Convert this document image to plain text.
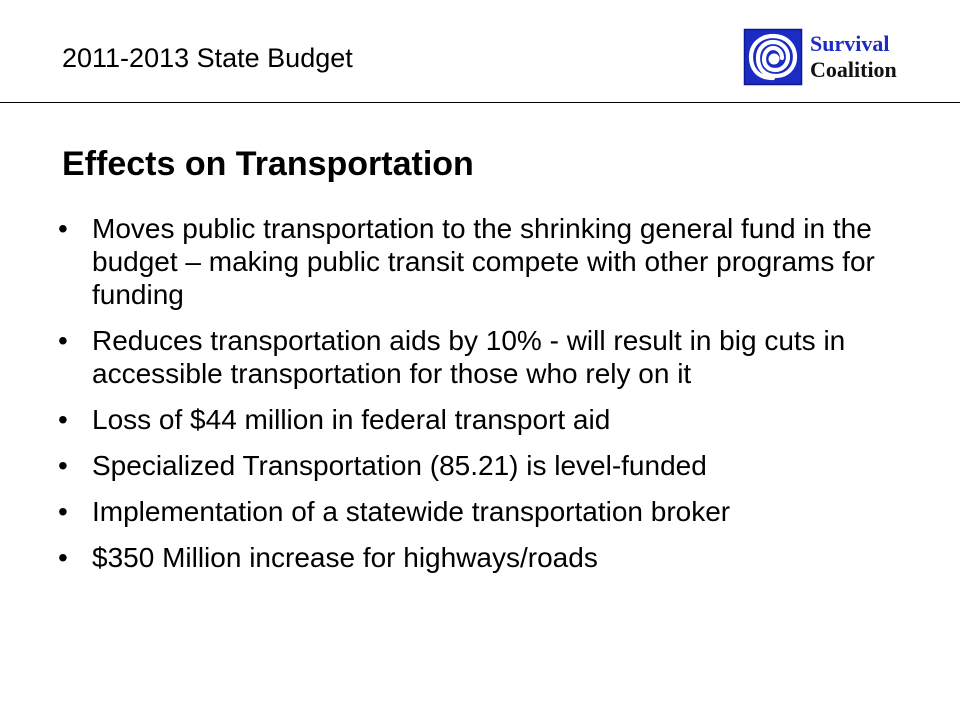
2011-2013 State Budget	Survival
Coalition
Effects on Transportation
• Moves public transportation to the shrinking general fund in the budget – making public transit compete with other programs for funding
• Reduces transportation aids by 10% - will result in big cuts in accessible transportation for those who rely on it
• Loss of $44 million in federal transport aid
• Specialized Transportation (85.21) is level-funded
• Implementation of a statewide transportation broker
• $350 Million increase for highways/roads
